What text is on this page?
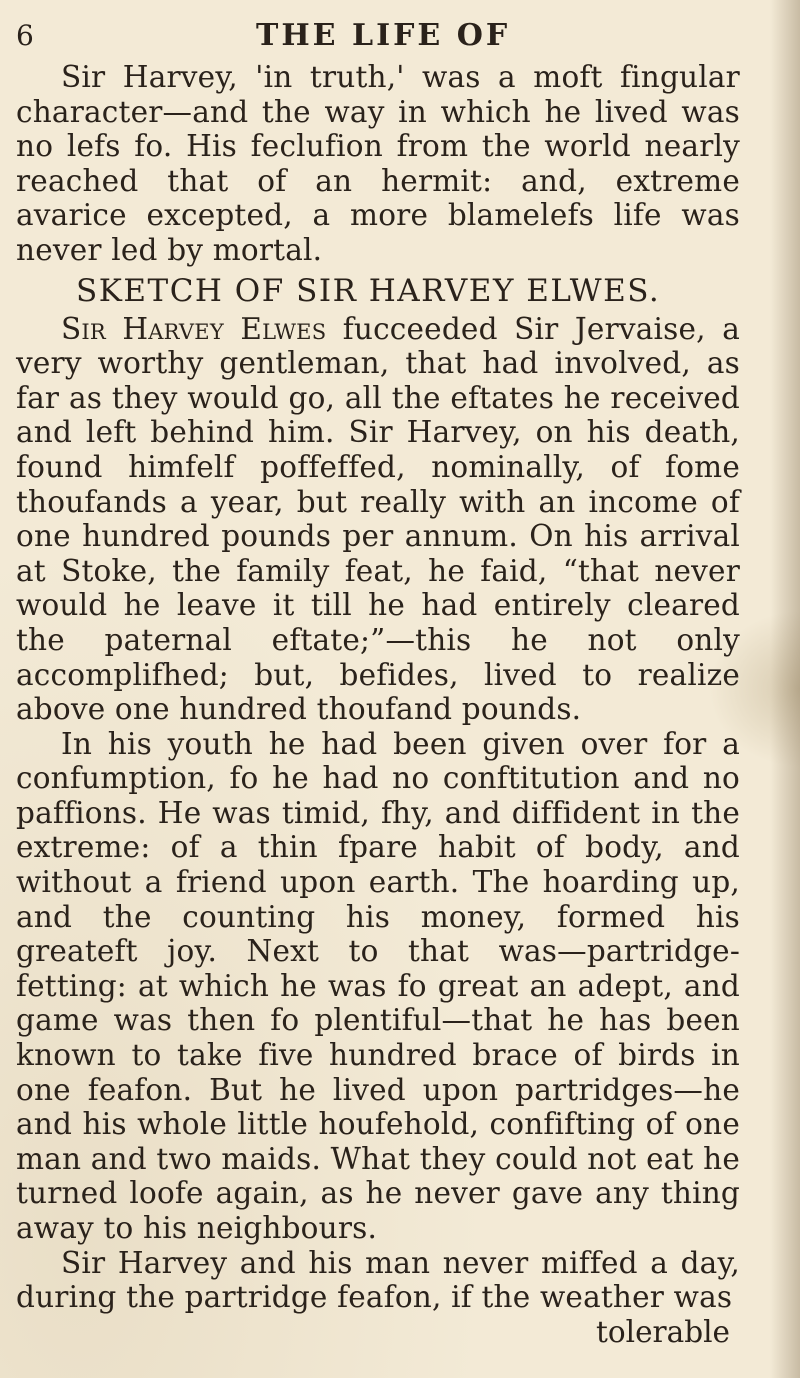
6	THE LIFE OF

Sir Harvey, 'in truth,' was a moft fingular character—and the way in which he lived was no lefs fo. His feclufion from the world nearly reached that of an hermit: and, extreme avarice excepted, a more blamelefs life was never led by mortal.

SKETCH OF SIR HARVEY ELWES.

Sir Harvey Elwes fucceeded Sir Jervaise, a very worthy gentleman, that had involved, as far as they would go, all the eftates he received and left behind him. Sir Harvey, on his death, found himfelf poffeffed, nominally, of fome thoufands a year, but really with an income of one hundred pounds per annum. On his arrival at Stoke, the family feat, he faid, “that never would he leave it till he had entirely cleared the paternal eftate;”—this he not only accomplifhed; but, befides, lived to realize above one hundred thoufand pounds.

In his youth he had been given over for a confumption, fo he had no conftitution and no paffions. He was timid, fhy, and diffident in the extreme: of a thin fpare habit of body, and without a friend upon earth. The hoarding up, and the counting his money, formed his greateft joy. Next to that was—partridge-fetting: at which he was fo great an adept, and game was then fo plentiful—that he has been known to take five hundred brace of birds in one feafon. But he lived upon partridges—he and his whole little houfehold, confifting of one man and two maids. What they could not eat he turned loofe again, as he never gave any thing away to his neighbours.

Sir Harvey and his man never miffed a day, during the partridge feafon, if the weather was

tolerable
